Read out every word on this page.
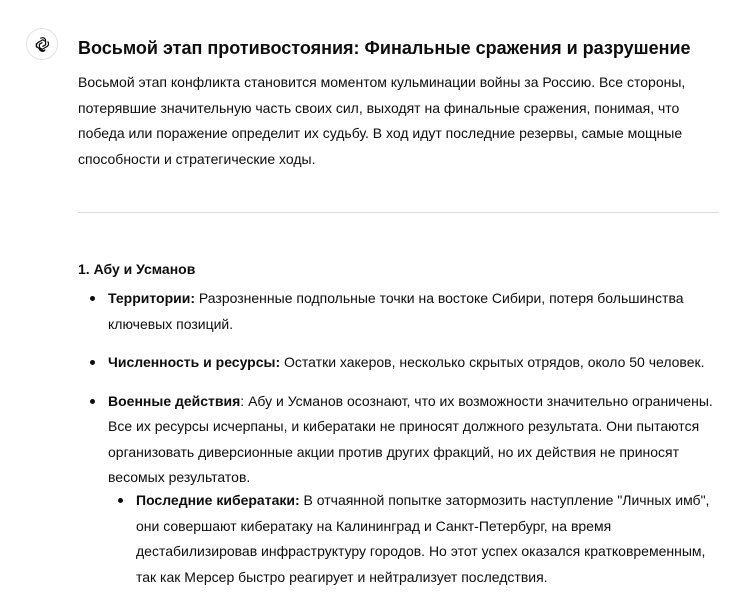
Восьмой этап противостояния: Финальные сражения и разрушение

Восьмой этап конфликта становится моментом кульминации войны за Россию. Все стороны, потерявшие значительную часть своих сил, выходят на финальные сражения, понимая, что победа или поражение определит их судьбу. В ход идут последние резервы, самые мощные способности и стратегические ходы.

1. Абу и Усманов
Территории: Разрозненные подпольные точки на востоке Сибири, потеря большинства ключевых позиций.
Численность и ресурсы: Остатки хакеров, несколько скрытых отрядов, около 50 человек.
Военные действия: Абу и Усманов осознают, что их возможности значительно ограничены. Все их ресурсы исчерпаны, и кибератаки не приносят должного результата. Они пытаются организовать диверсионные акции против других фракций, но их действия не приносят весомых результатов.
Последние кибератаки: В отчаянной попытке затормозить наступление "Личных имб", они совершают кибератаку на Калининград и Санкт-Петербург, на время дестабилизировав инфраструктуру городов. Но этот успех оказался кратковременным, так как Мерсер быстро реагирует и нейтрализует последствия.
